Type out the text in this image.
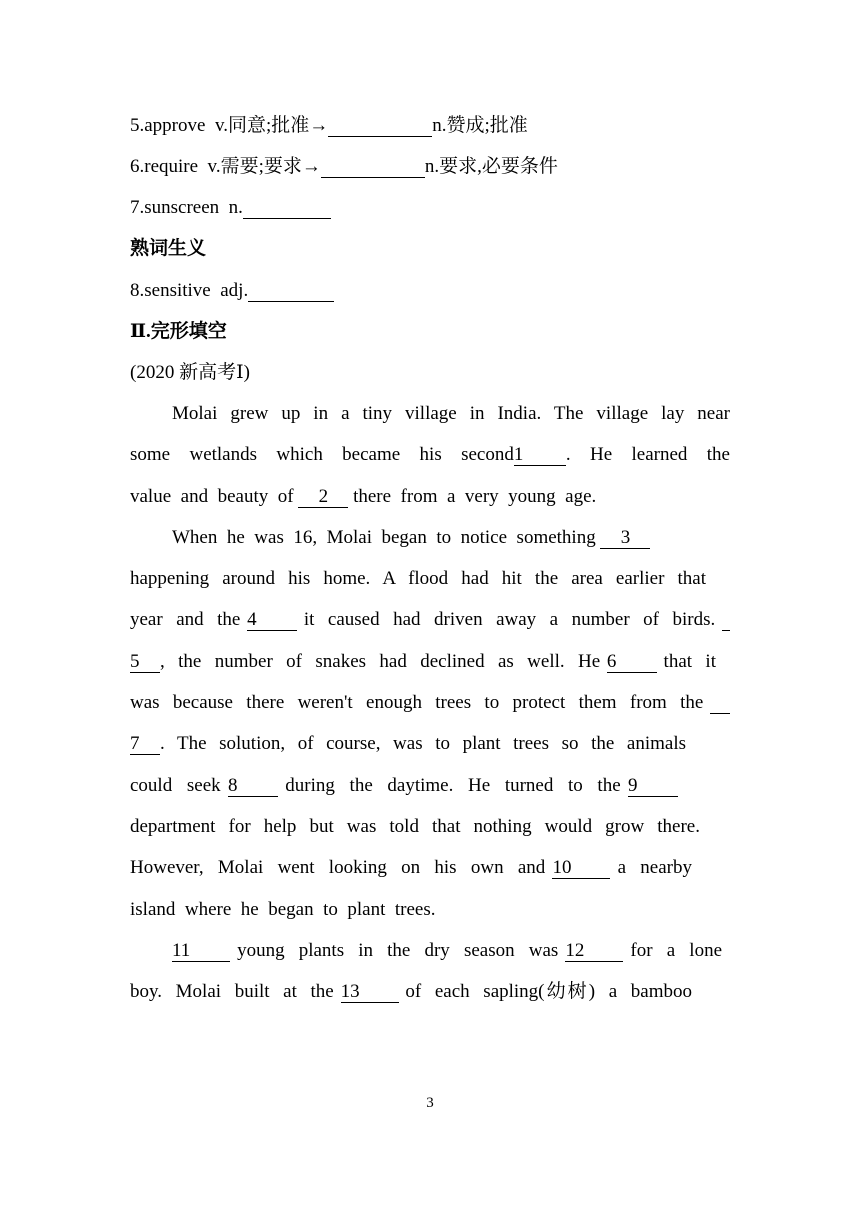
5.approve  v.同意;批准→	n.赞成;批准
6.require  v.需要;要求→	n.要求,必要条件
7.sunscreen  n.
熟词生义
8.sensitive  adj.
Ⅱ.完形填空
(2020 新高考Ⅰ)
Molai  grew  up  in  a  tiny  village  in  India.  The  village  lay  near
some  wetlands  which  became  his  second1 .  He  learned  the
value  and  beauty  of 2 there  from  a  very  young  age.
When  he  was  16,  Molai  began  to  notice  something 3
happening  around  his  home.  A  flood  had  hit  the  area  earlier  that
year  and  the 4 it  caused  had  driven  away  a  number  of  birds.
5 ,  the  number  of  snakes  had  declined  as  well.  He 6 that  it
was  because  there  weren't  enough  trees  to  protect  them  from  the
7 .  The  solution,  of  course,  was  to  plant  trees  so  the  animals
could  seek 8 during  the  daytime.  He  turned  to  the 9
department  for  help  but  was  told  that  nothing  would  grow  there.
However,  Molai  went  looking  on  his  own  and 10 a  nearby
island  where  he  began  to  plant  trees.
11 young  plants  in  the  dry  season  was 12 for  a  lone
boy.  Molai  built  at  the 13 of  each  sapling(幼树)  a  bamboo
3
